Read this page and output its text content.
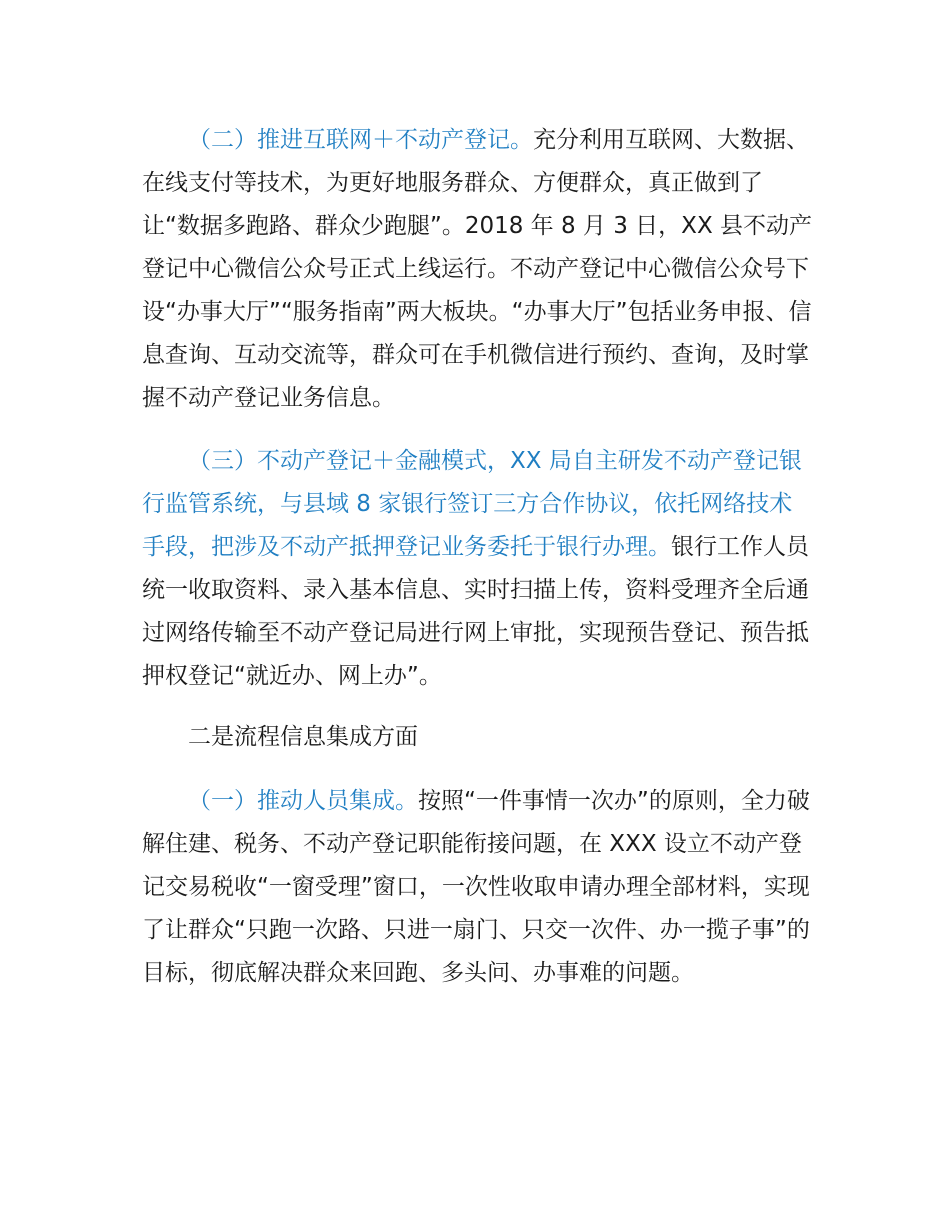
（二）推进互联网＋不动产登记。充分利用互联网、大数据、在线支付等技术，为更好地服务群众、方便群众，真正做到了让“数据多跑路、群众少跑腿”。2018 年 8 月 3 日，XX 县不动产登记中心微信公众号正式上线运行。不动产登记中心微信公众号下设“办事大厅”“服务指南”两大板块。“办事大厅”包括业务申报、信息查询、互动交流等，群众可在手机微信进行预约、查询，及时掌握不动产登记业务信息。

（三）不动产登记＋金融模式，XX 局自主研发不动产登记银行监管系统，与县域 8 家银行签订三方合作协议，依托网络技术手段，把涉及不动产抵押登记业务委托于银行办理。银行工作人员统一收取资料、录入基本信息、实时扫描上传，资料受理齐全后通过网络传输至不动产登记局进行网上审批，实现预告登记、预告抵押权登记“就近办、网上办”。

二是流程信息集成方面

（一）推动人员集成。按照“一件事情一次办”的原则，全力破解住建、税务、不动产登记职能衔接问题，在 XXX 设立不动产登记交易税收“一窗受理”窗口，一次性收取申请办理全部材料，实现了让群众“只跑一次路、只进一扇门、只交一次件、办一揽子事”的目标，彻底解决群众来回跑、多头问、办事难的问题。
